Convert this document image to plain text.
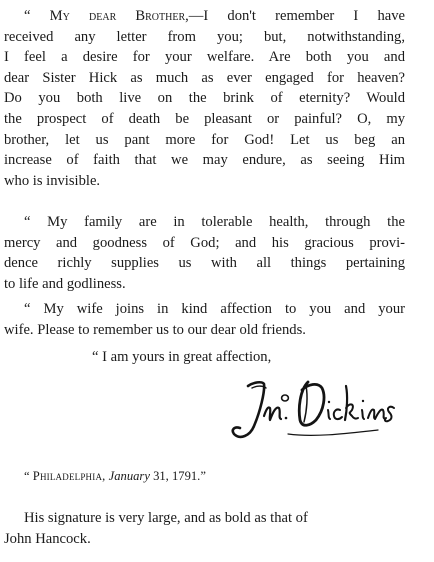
“ My dear Brother,—I don't remember I have
received any letter from you; but, notwithstanding,
I feel a desire for your welfare. Are both you and
dear Sister Hick as much as ever engaged for heaven?
Do you both live on the brink of eternity? Would
the prospect of death be pleasant or painful? O, my
brother, let us pant more for God! Let us beg an
increase of faith that we may endure, as seeing Him
who is invisible.
“ My family are in tolerable health, through the
mercy and goodness of God; and his gracious provi-
dence richly supplies us with all things pertaining
to life and godliness.
“ My wife joins in kind affection to you and your
wife. Please to remember us to our dear old friends.
“ I am yours in great affection,
“ Philadelphia, January 31, 1791.”
His signature is very large, and as bold as that of
John Hancock.
